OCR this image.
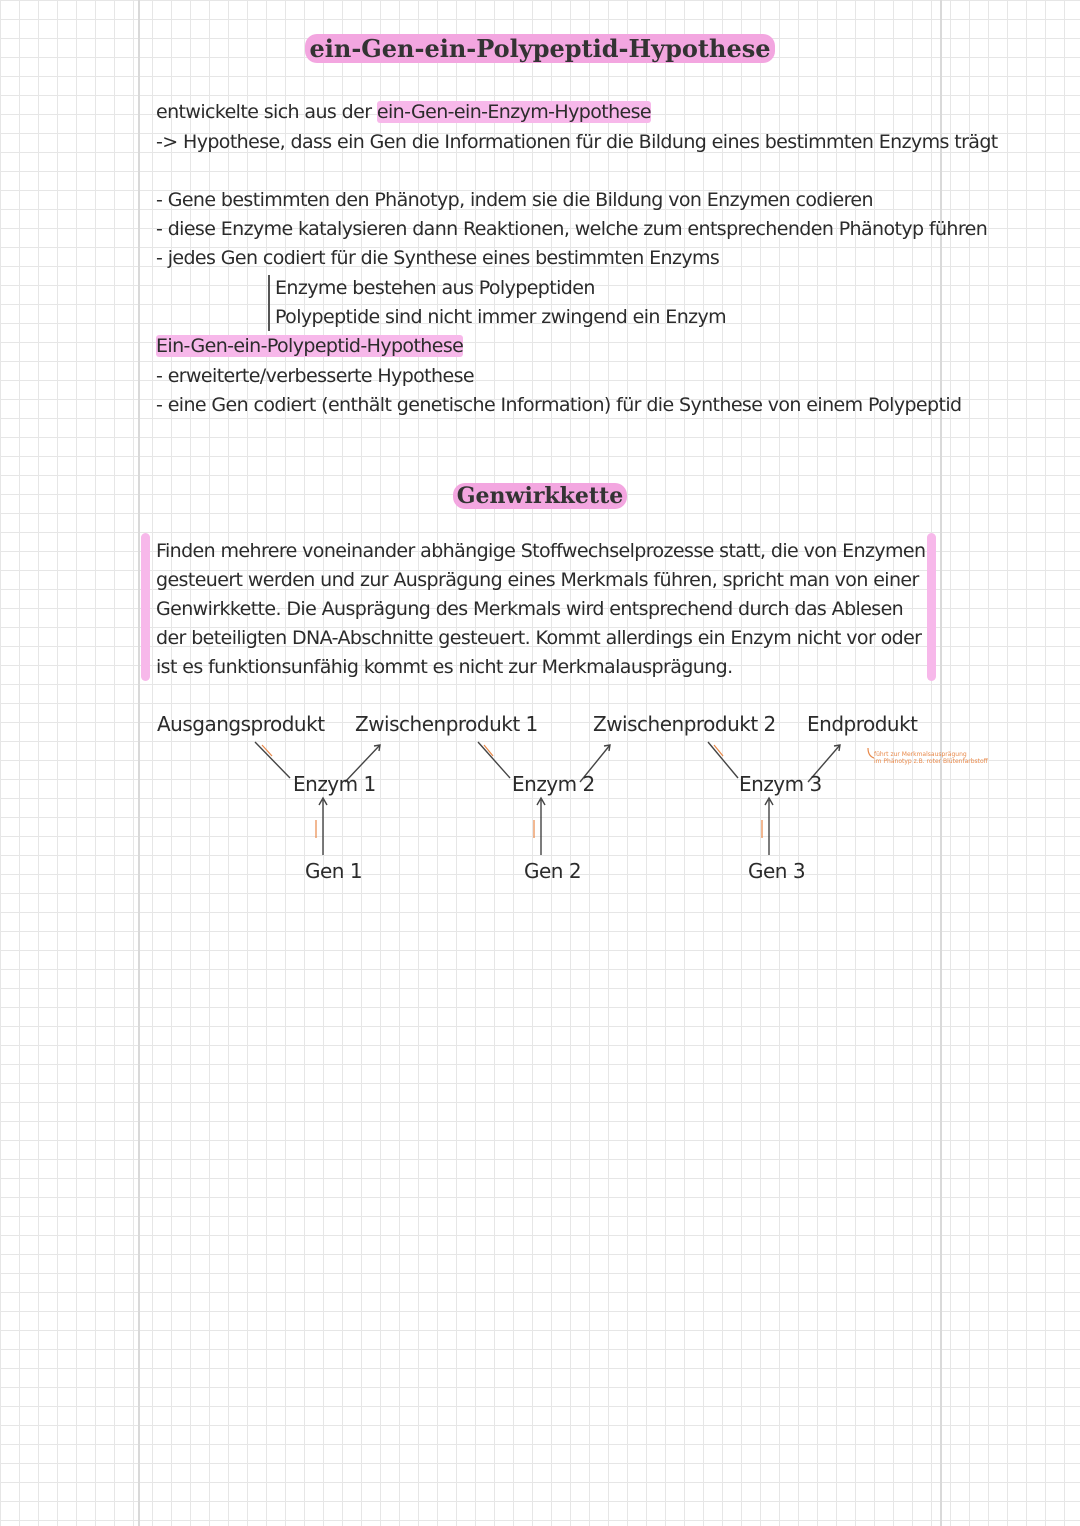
ein-Gen-ein-Polypeptid-Hypothese
entwickelte sich aus der ein-Gen-ein-Enzym-Hypothese
-> Hypothese, dass ein Gen die Informationen für die Bildung eines bestimmten Enzyms trägt
- Gene bestimmten den Phänotyp, indem sie die Bildung von Enzymen codieren
- diese Enzyme katalysieren dann Reaktionen, welche zum entsprechenden Phänotyp führen
- jedes Gen codiert für die Synthese eines bestimmten Enzyms
Enzyme bestehen aus Polypeptiden
Polypeptide sind nicht immer zwingend ein Enzym
Ein-Gen-ein-Polypeptid-Hypothese
- erweiterte/verbesserte Hypothese
- eine Gen codiert (enthält genetische Information) für die Synthese von einem Polypeptid
Genwirkkette
Finden mehrere voneinander abhängige Stoffwechselprozesse statt, die von Enzymen gesteuert werden und zur Ausprägung eines Merkmals führen, spricht man von einer Genwirkkette. Die Ausprägung des Merkmals wird entsprechend durch das Ablesen der beteiligten DNA-Abschnitte gesteuert. Kommt allerdings ein Enzym nicht vor oder ist es funktionsunfähig kommt es nicht zur Merkmalausprägung.
Ausgangsprodukt Zwischenprodukt 1	Zwischenprodukt 2 Endprodukt
führt zur Merkmalsausprägung
im Phänotyp z.B. roter Blütenfarbstoff
Enzym 1	Enzym 2	Enzym 3
Gen 1	Gen 2	Gen 3
